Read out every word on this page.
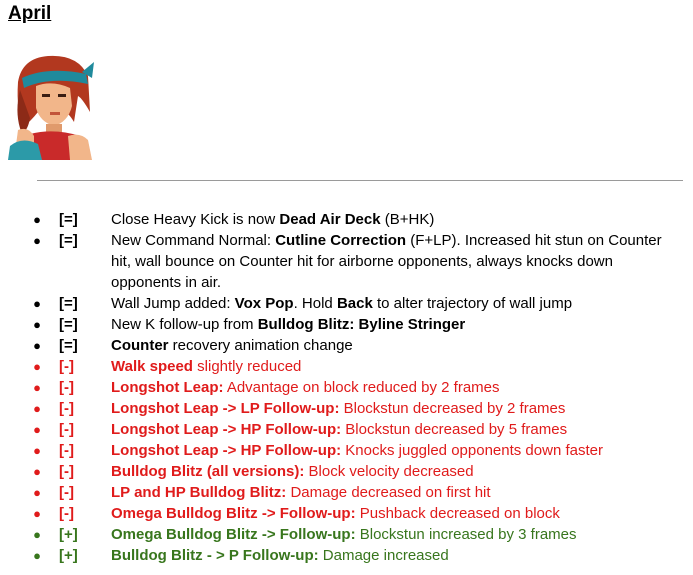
April
● [=] Close Heavy Kick is now Dead Air Deck (B+HK)
● [=] New Command Normal: Cutline Correction (F+LP). Increased hit stun on Counter hit, wall bounce on Counter hit for airborne opponents, always knocks down opponents in air.
● [=] Wall Jump added: Vox Pop. Hold Back to alter trajectory of wall jump
● [=] New K follow-up from Bulldog Blitz: Byline Stringer
● [=] Counter recovery animation change
● [-] Walk speed slightly reduced
● [-] Longshot Leap: Advantage on block reduced by 2 frames
● [-] Longshot Leap -> LP Follow-up: Blockstun decreased by 2 frames
● [-] Longshot Leap -> HP Follow-up: Blockstun decreased by 5 frames
● [-] Longshot Leap -> HP Follow-up: Knocks juggled opponents down faster
● [-] Bulldog Blitz (all versions): Block velocity decreased
● [-] LP and HP Bulldog Blitz: Damage decreased on first hit
● [-] Omega Bulldog Blitz -> Follow-up: Pushback decreased on block
● [+] Omega Bulldog Blitz -> Follow-up: Blockstun increased by 3 frames
● [+] Bulldog Blitz - > P Follow-up: Damage increased
